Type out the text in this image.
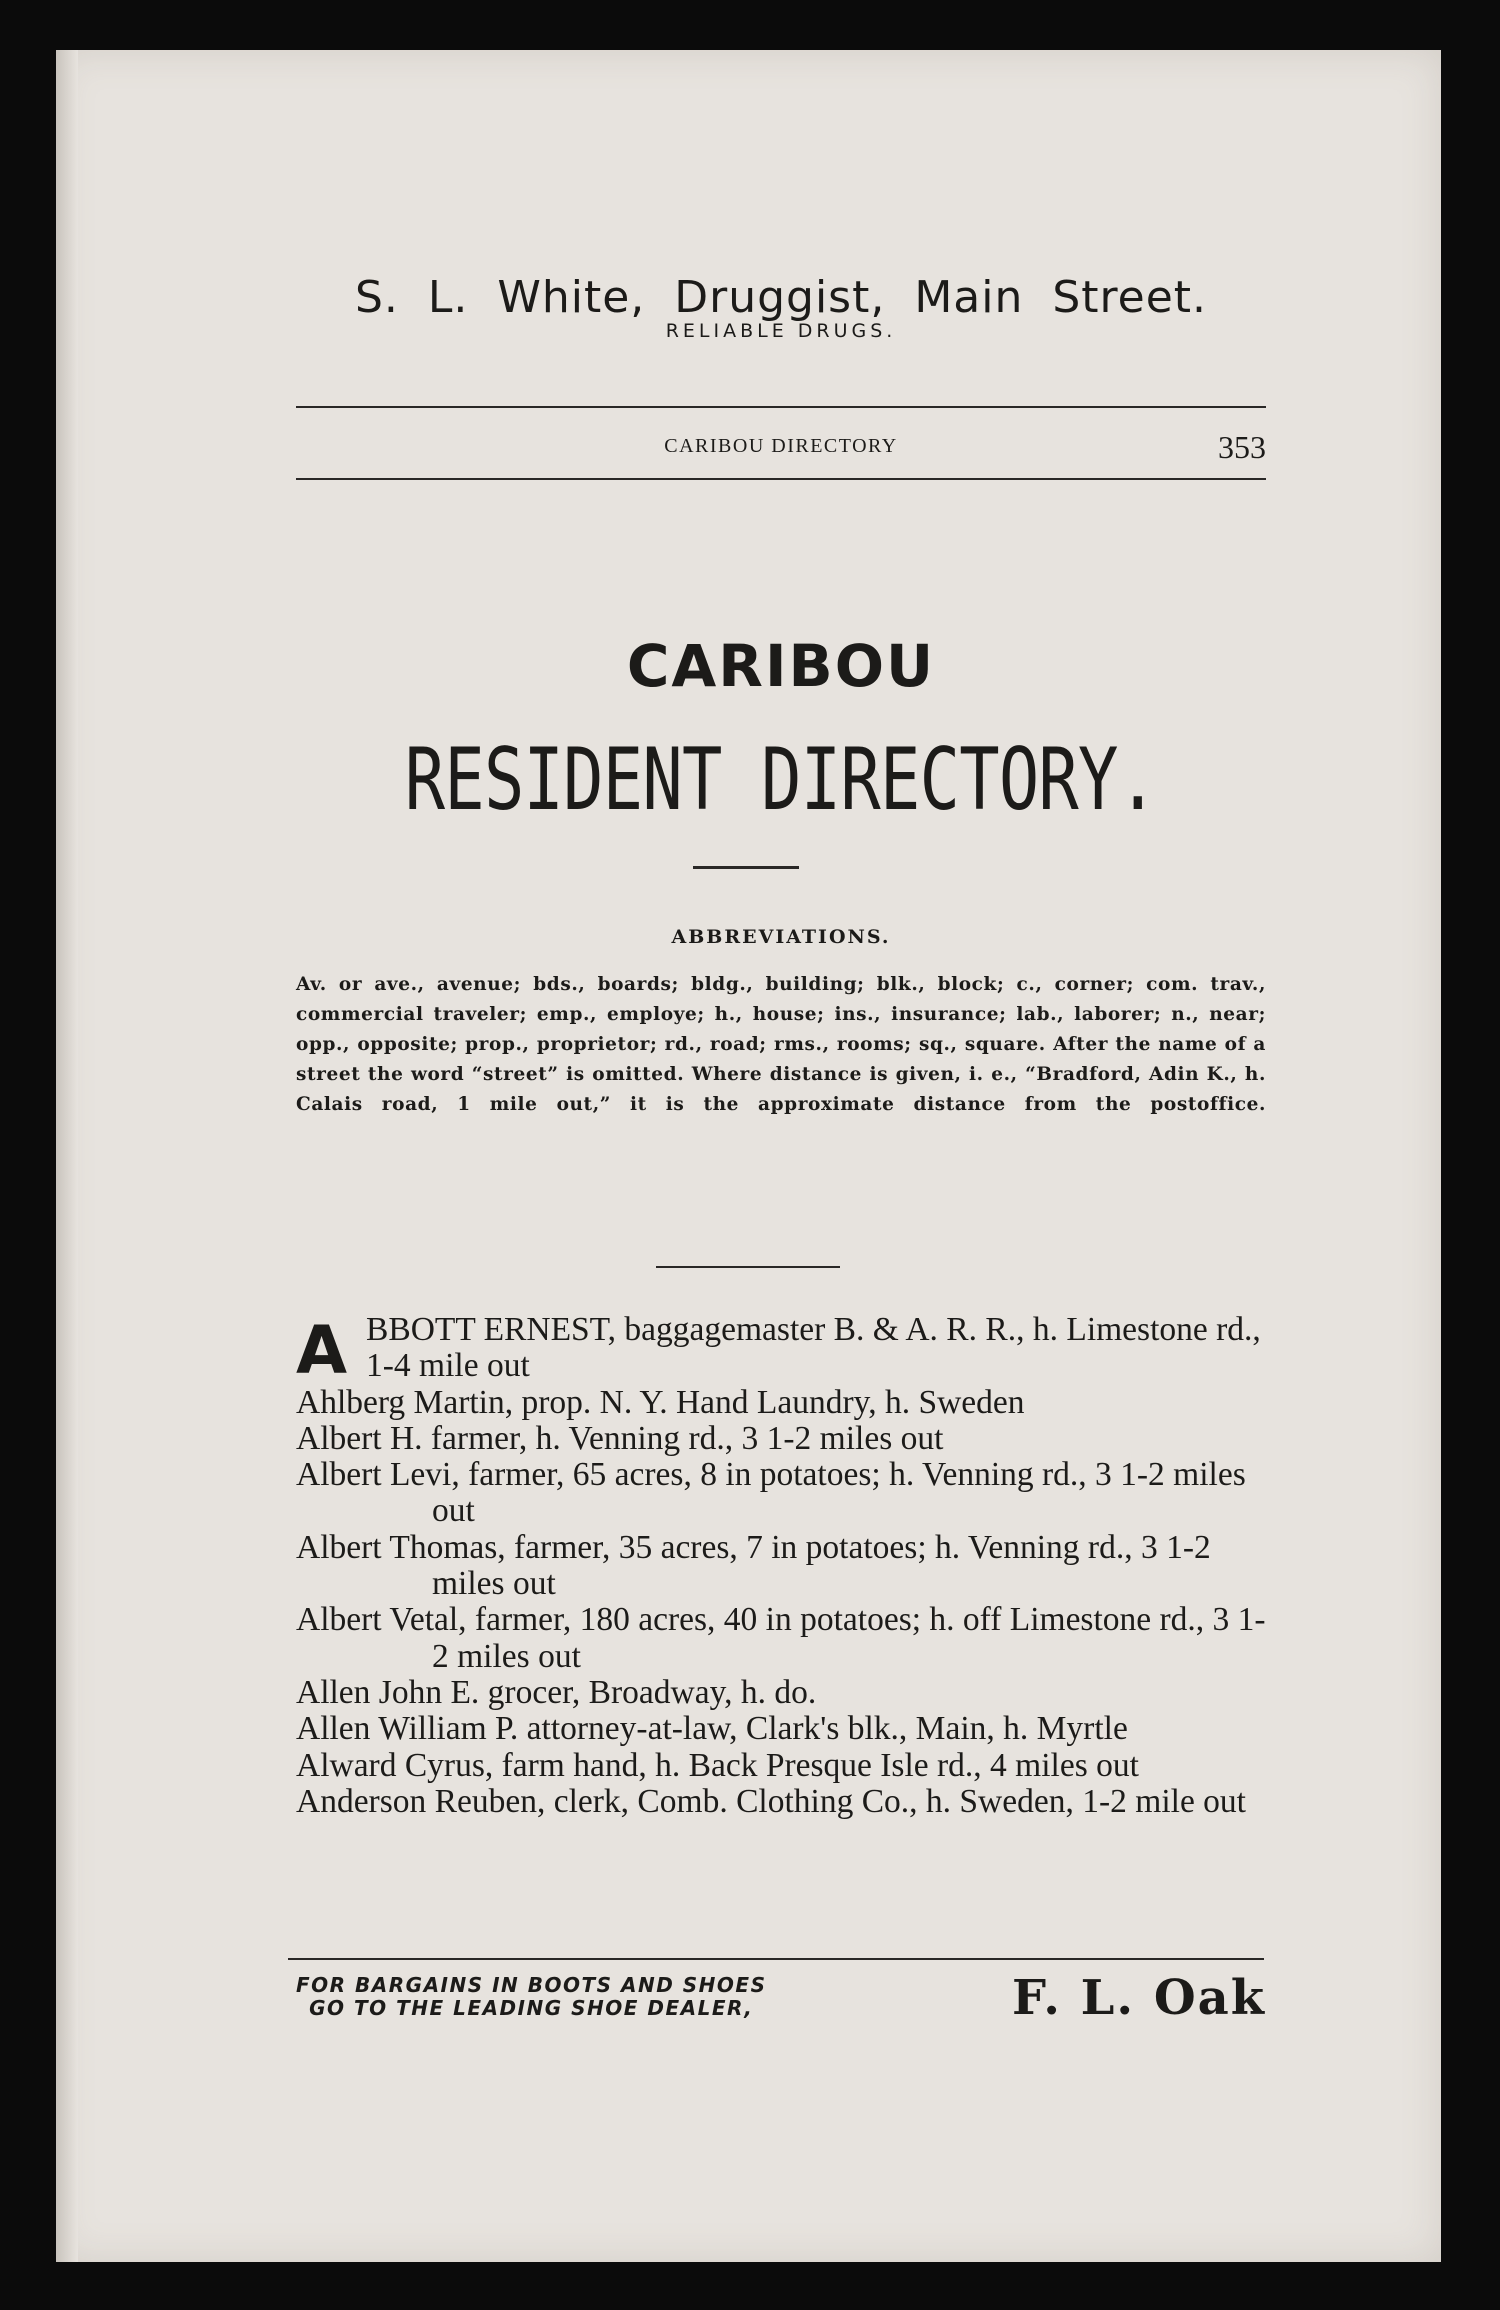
S. L. White, Druggist, Main Street.

RELIABLE DRUGS.

CARIBOU DIRECTORY	353
CARIBOU
RESIDENT DIRECTORY.
ABBREVIATIONS.
Av. or ave., avenue; bds., boards; bldg., building; blk., block; c., corner; com. trav., commercial traveler; emp., employe; h., house; ins., insurance; lab., laborer; n., near; opp., opposite; prop., proprietor; rd., road; rms., rooms; sq., square. After the name of a street the word “street” is omitted. Where distance is given, i. e., “Bradford, Adin K., h. Calais road, 1 mile out,” it is the approximate distance from the postoffice.

A BBOTT ERNEST, baggagemaster B. & A. R. R., h. Limestone rd., 1-4 mile out

Ahlberg Martin, prop. N. Y. Hand Laundry, h. Sweden

Albert H. farmer, h. Venning rd., 3 1-2 miles out

Albert Levi, farmer, 65 acres, 8 in potatoes; h. Venning rd., 3 1-2 miles out

Albert Thomas, farmer, 35 acres, 7 in potatoes; h. Venning rd., 3 1-2 miles out

Albert Vetal, farmer, 180 acres, 40 in potatoes; h. off Limestone rd., 3 1-2 miles out

Allen John E. grocer, Broadway, h. do.

Allen William P. attorney-at-law, Clark's blk., Main, h. Myrtle

Alward Cyrus, farm hand, h. Back Presque Isle rd., 4 miles out

Anderson Reuben, clerk, Comb. Clothing Co., h. Sweden, 1-2 mile out

FOR BARGAINS IN BOOTS AND SHOES
GO TO THE LEADING SHOE DEALER,	F. L. Oak
